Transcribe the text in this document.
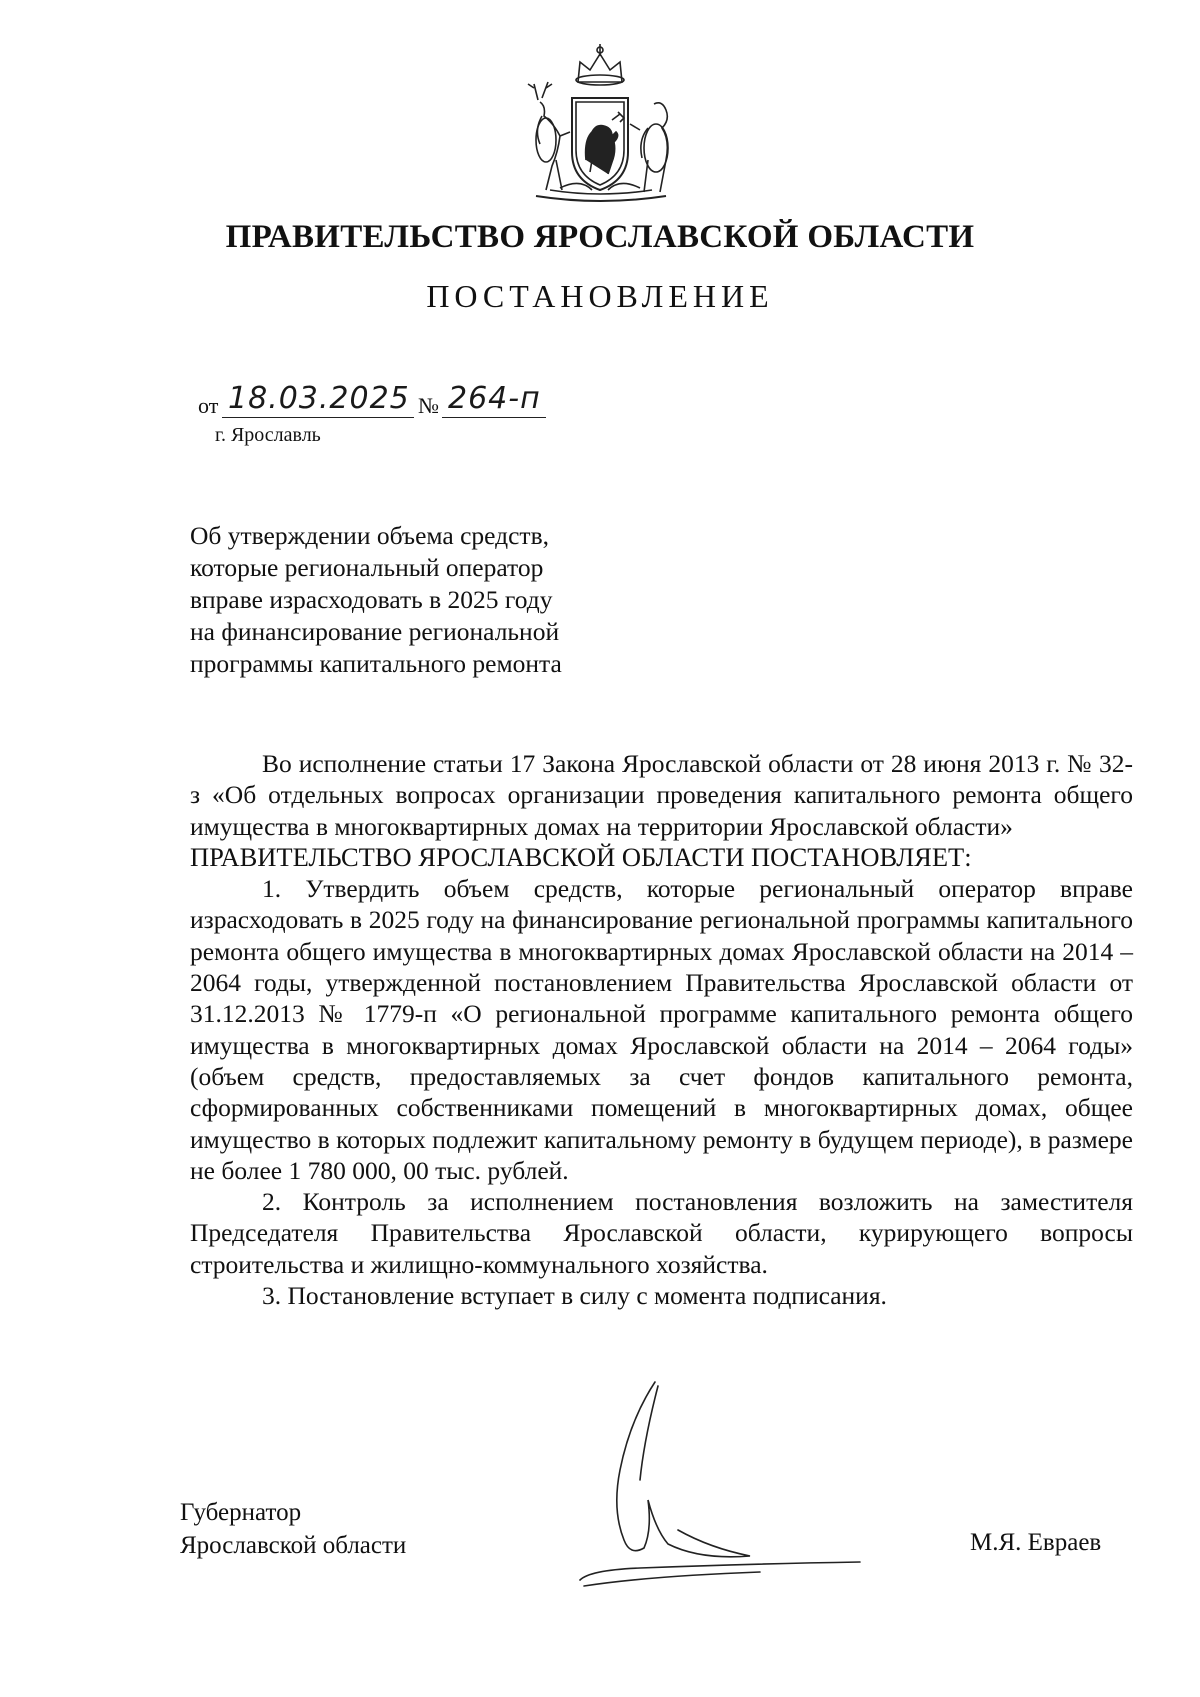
ПРАВИТЕЛЬСТВО ЯРОСЛАВСКОЙ ОБЛАСТИ
ПОСТАНОВЛЕНИЕ
от 18.03.2025 № 264-п
г. Ярославль
Об утверждении объема средств,
которые региональный оператор
вправе израсходовать в 2025 году
на финансирование региональной
программы капитального ремонта

Во исполнение статьи 17 Закона Ярославской области от 28 июня 2013 г. № 32-з «Об отдельных вопросах организации проведения капитального ремонта общего имущества в многоквартирных домах на территории Ярославской области»

ПРАВИТЕЛЬСТВО ЯРОСЛАВСКОЙ ОБЛАСТИ ПОСТАНОВЛЯЕТ:

1. Утвердить объем средств, которые региональный оператор вправе израсходовать в 2025 году на финансирование региональной программы капитального ремонта общего имущества в многоквартирных домах Ярославской области на 2014 – 2064 годы, утвержденной постановлением Правительства Ярославской области от 31.12.2013 № 1779-п «О региональной программе капитального ремонта общего имущества в многоквартирных домах Ярославской области на 2014 – 2064 годы» (объем средств, предоставляемых за счет фондов капитального ремонта, сформированных собственниками помещений в многоквартирных домах, общее имущество в которых подлежит капитальному ремонту в будущем периоде), в размере не более 1 780 000, 00 тыс. рублей.

2. Контроль за исполнением постановления возложить на заместителя Председателя Правительства Ярославской области, курирующего вопросы строительства и жилищно-коммунального хозяйства.

3. Постановление вступает в силу с момента подписания.

Губернатор
Ярославской области	М.Я. Евраев
